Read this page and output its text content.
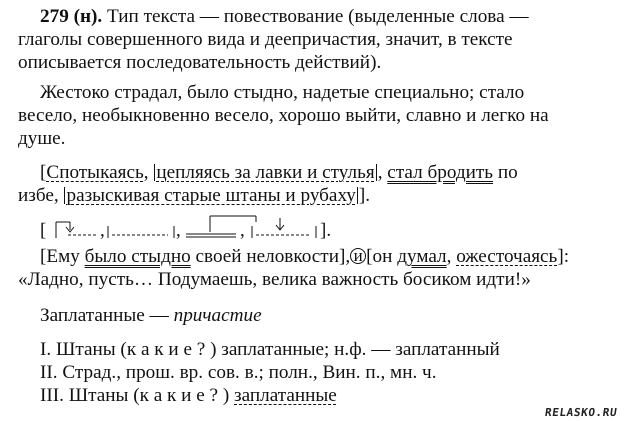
279 (н). Тип текста — повествование (выделенные слова —
глаголы совершенного вида и деепричастия, значит, в тексте
описывается последовательность действий).
Жестоко страдал, было стыдно, надетые специально; стало
весело, необыкновенно весело, хорошо выйти, славно и легко на
душе.
[Спотыкаясь, цепляясь за лавки и стулья , стал бродить по
избе, разыскивая старые штаны и рубаху ].
[	,	,	,	].
[Ему было стыдно своей неловкости], и [он думал, ожесточаясь]:
«Ладно, пусть… Подумаешь, велика важность босиком идти!»
Заплатанные — причастие
I. Штаны (к а к и е ? ) заплатанные; н.ф. — заплатанный
II. Страд., прош. вр. сов. в.; полн., Вин. п., мн. ч.
III. Штаны (к а к и е ? ) заплатанные
RELASKO.RU
